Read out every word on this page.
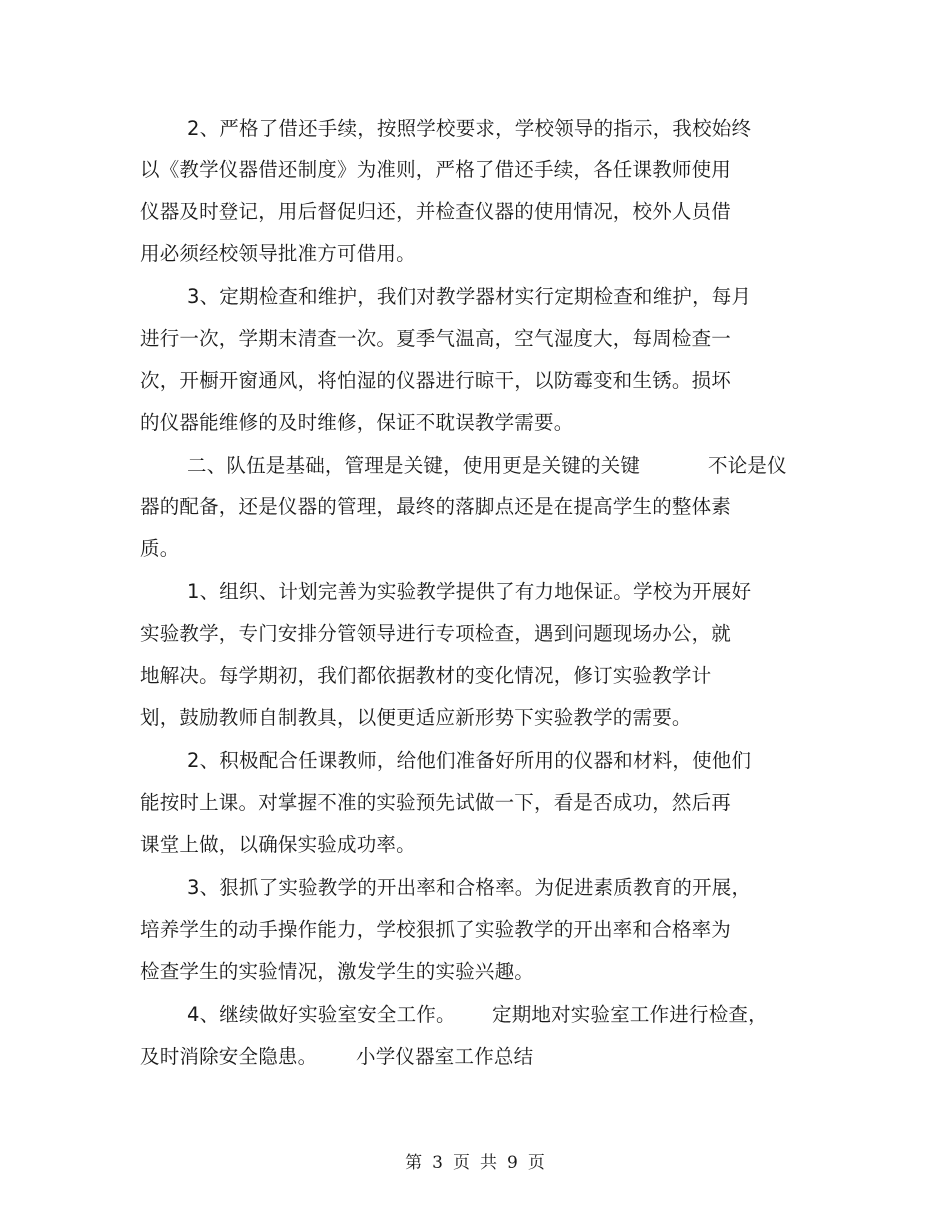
2、严格了借还手续，按照学校要求，学校领导的指示，我校始终
以《教学仪器借还制度》为准则，严格了借还手续，各任课教师使用
仪器及时登记，用后督促归还，并检查仪器的使用情况，校外人员借
用必须经校领导批准方可借用。
3、定期检查和维护，我们对教学器材实行定期检查和维护，每月
进行一次，学期末清查一次。夏季气温高，空气湿度大，每周检查一
次，开橱开窗通风，将怕湿的仪器进行晾干，以防霉变和生锈。损坏
的仪器能维修的及时维修，保证不耽误教学需要。
二、队伍是基础，管理是关键，使用更是关键的关键	不论是仪
器的配备，还是仪器的管理，最终的落脚点还是在提高学生的整体素
质。
1、组织、计划完善为实验教学提供了有力地保证。学校为开展好
实验教学，专门安排分管领导进行专项检查，遇到问题现场办公，就
地解决。每学期初，我们都依据教材的变化情况，修订实验教学计
划，鼓励教师自制教具，以便更适应新形势下实验教学的需要。
2、积极配合任课教师，给他们准备好所用的仪器和材料，使他们
能按时上课。对掌握不准的实验预先试做一下，看是否成功，然后再
课堂上做，以确保实验成功率。
3、狠抓了实验教学的开出率和合格率。为促进素质教育的开展，
培养学生的动手操作能力，学校狠抓了实验教学的开出率和合格率为
检查学生的实验情况，激发学生的实验兴趣。
4、继续做好实验室安全工作。 定期地对实验室工作进行检查，
及时消除安全隐患。 小学仪器室工作总结
第 3 页 共 9 页
